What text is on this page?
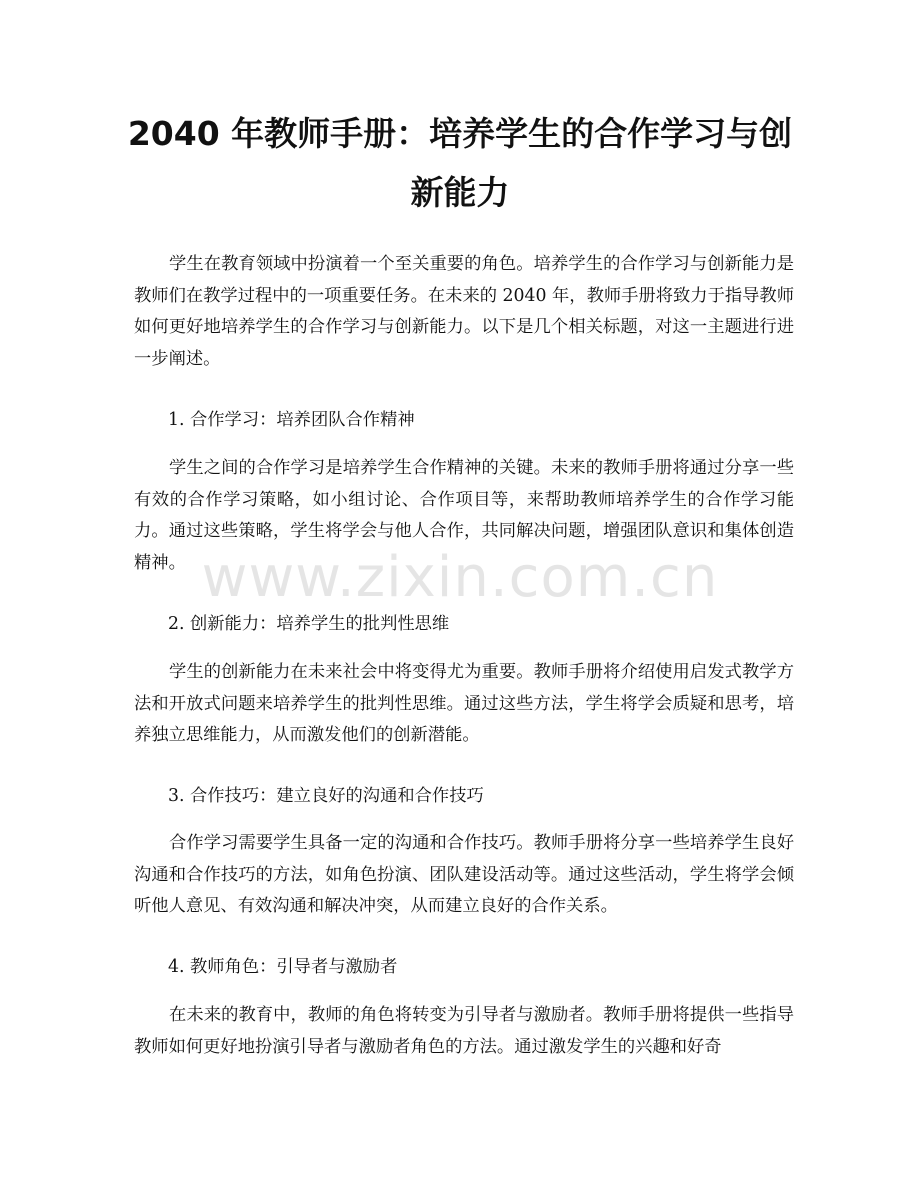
2040 年教师手册：培养学生的合作学习与创新能力

学生在教育领域中扮演着一个至关重要的角色。培养学生的合作学习与创新能力是教师们在教学过程中的一项重要任务。在未来的 2040 年，教师手册将致力于指导教师如何更好地培养学生的合作学习与创新能力。以下是几个相关标题，对这一主题进行进一步阐述。

1. 合作学习：培养团队合作精神

学生之间的合作学习是培养学生合作精神的关键。未来的教师手册将通过分享一些有效的合作学习策略，如小组讨论、合作项目等，来帮助教师培养学生的合作学习能力。通过这些策略，学生将学会与他人合作，共同解决问题，增强团队意识和集体创造精神。

2. 创新能力：培养学生的批判性思维

学生的创新能力在未来社会中将变得尤为重要。教师手册将介绍使用启发式教学方法和开放式问题来培养学生的批判性思维。通过这些方法，学生将学会质疑和思考，培养独立思维能力，从而激发他们的创新潜能。

3. 合作技巧：建立良好的沟通和合作技巧

合作学习需要学生具备一定的沟通和合作技巧。教师手册将分享一些培养学生良好沟通和合作技巧的方法，如角色扮演、团队建设活动等。通过这些活动，学生将学会倾听他人意见、有效沟通和解决冲突，从而建立良好的合作关系。

4. 教师角色：引导者与激励者

在未来的教育中，教师的角色将转变为引导者与激励者。教师手册将提供一些指导教师如何更好地扮演引导者与激励者角色的方法。通过激发学生的兴趣和好奇

www.zixin.com.cn
